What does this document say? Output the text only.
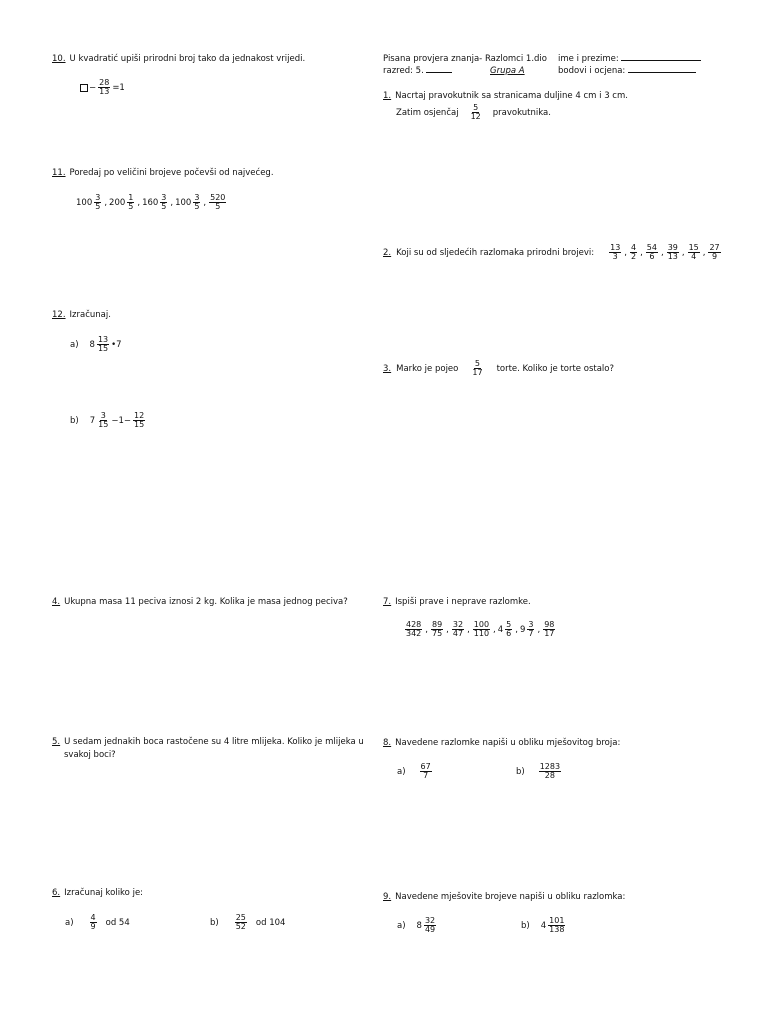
Pisana provjera znanja- Razlomci 1.dio ime i prezime:
razred: 5.	Grupa A	bodovi i ocjena:
10. U kvadratić upiši prirodni broj tako da jednakost vrijedi.
− $\frac{28}{13} =1$
11. Poredaj po veličini brojeve počevši od najvećeg.
$100 \frac{3}{5}$ , $200 \frac{1}{5}$ , $160 \frac{3}{5}$ , $100 \frac{3}{5}$ , $\frac{520}{5}$
12. Izračunaj.
a) $8 \frac{13}{15}$ •7
b) $7 \frac{3}{15} -1- \frac{12}{15}$
1. Nacrtaj pravokutnik sa stranicama duljine 4 cm i 3 cm.
Zatim osjenčaj $\frac{5}{12}$ pravokutnika.
2. Koji su od sljedećih razlomaka prirodni brojevi: $\frac{13}{3}$ , $\frac{4}{2}$ , $\frac{54}{6}$ , $\frac{39}{13}$ , $\frac{15}{4}$ , $\frac{27}{9}$
3. Marko je pojeo $\frac{5}{17}$ torte. Koliko je torte ostalo?
4. Ukupna masa 11 peciva iznosi 2 kg. Kolika je masa jednog peciva?
5. U sedam jednakih boca rastočene su 4 litre mlijeka. Koliko je mlijeka u
svakoj boci?
6. Izračunaj koliko je:
$a) \frac{4}{9}$ od 54	$b) \frac{25}{52}$ od 104
7. Ispiši prave i neprave razlomke.
$\frac{428}{342}$ , $\frac{89}{75}$ , $\frac{32}{47}$ , $\frac{100}{110}$ , $4 \frac{5}{6}$ , $9 \frac{3}{7}$ , $\frac{98}{17}$
8. Navedene razlomke napiši u obliku mješovitog broja:
$a) \frac{67}{7}$	$b) \frac{1283}{28}$
9. Navedene mješovite brojeve napiši u obliku razlomka:
a) $8 \frac{32}{49}$	b) $4 \frac{101}{138}$
